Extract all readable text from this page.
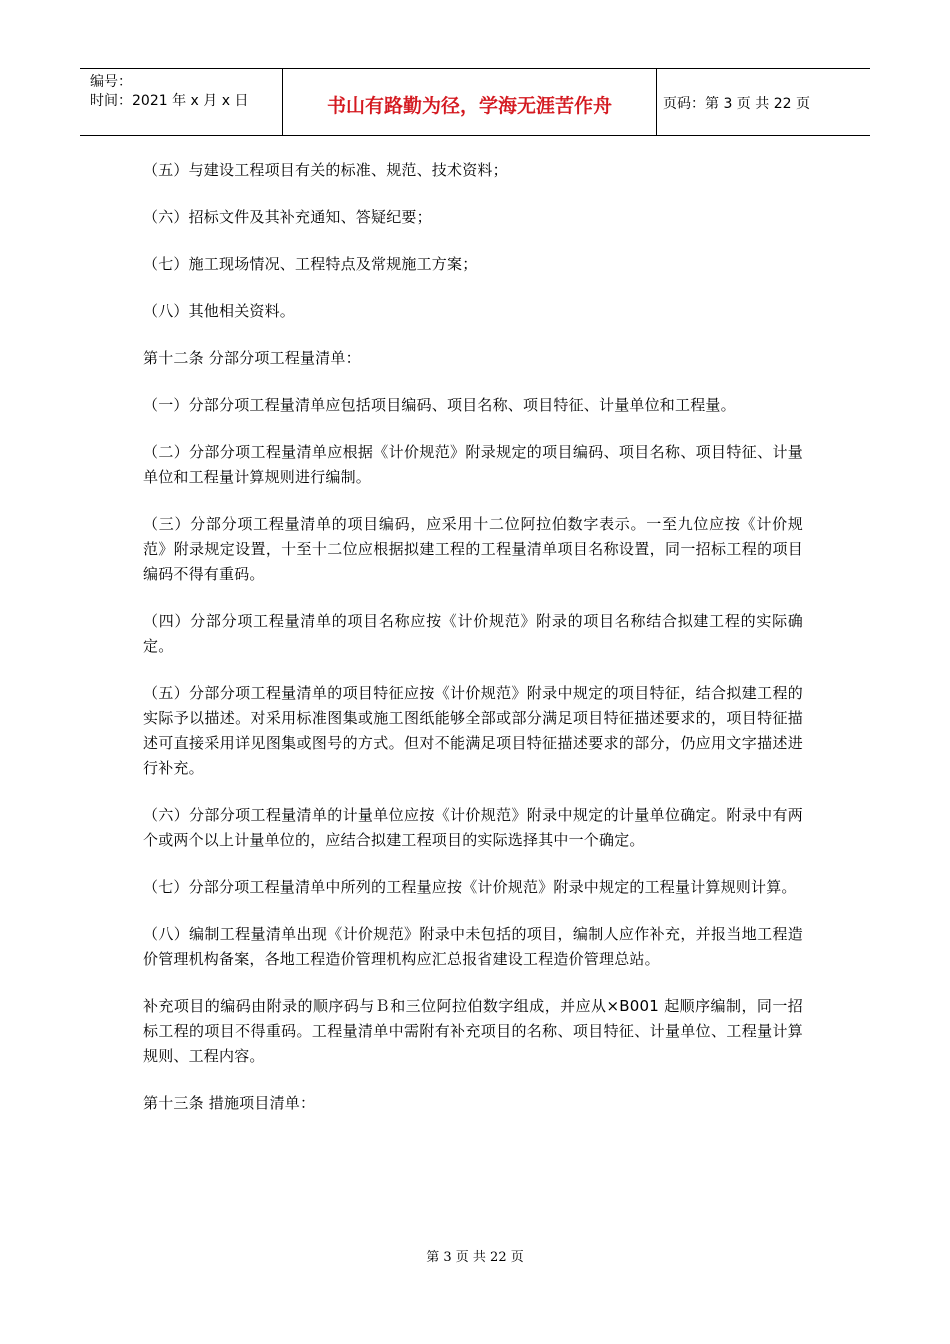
编号：
时间：2021 年 x 月 x 日	书山有路勤为径，学海无涯苦作舟	页码：第 3 页 共 22 页

（五）与建设工程项目有关的标准、规范、技术资料；

（六）招标文件及其补充通知、答疑纪要；

（七）施工现场情况、工程特点及常规施工方案；

（八）其他相关资料。

第十二条 分部分项工程量清单：

（一）分部分项工程量清单应包括项目编码、项目名称、项目特征、计量单位和工程量。

（二）分部分项工程量清单应根据《计价规范》附录规定的项目编码、项目名称、项目特征、计量单位和工程量计算规则进行编制。

（三）分部分项工程量清单的项目编码，应采用十二位阿拉伯数字表示。一至九位应按《计价规范》附录规定设置，十至十二位应根据拟建工程的工程量清单项目名称设置，同一招标工程的项目编码不得有重码。

（四）分部分项工程量清单的项目名称应按《计价规范》附录的项目名称结合拟建工程的实际确定。

（五）分部分项工程量清单的项目特征应按《计价规范》附录中规定的项目特征，结合拟建工程的实际予以描述。对采用标准图集或施工图纸能够全部或部分满足项目特征描述要求的，项目特征描述可直接采用详见图集或图号的方式。但对不能满足项目特征描述要求的部分，仍应用文字描述进行补充。

（六）分部分项工程量清单的计量单位应按《计价规范》附录中规定的计量单位确定。附录中有两个或两个以上计量单位的，应结合拟建工程项目的实际选择其中一个确定。

（七）分部分项工程量清单中所列的工程量应按《计价规范》附录中规定的工程量计算规则计算。

（八）编制工程量清单出现《计价规范》附录中未包括的项目，编制人应作补充，并报当地工程造价管理机构备案，各地工程造价管理机构应汇总报省建设工程造价管理总站。

补充项目的编码由附录的顺序码与Ｂ和三位阿拉伯数字组成，并应从×B001 起顺序编制，同一招标工程的项目不得重码。工程量清单中需附有补充项目的名称、项目特征、计量单位、工程量计算规则、工程内容。

第十三条 措施项目清单：

第 3 页 共 22 页
